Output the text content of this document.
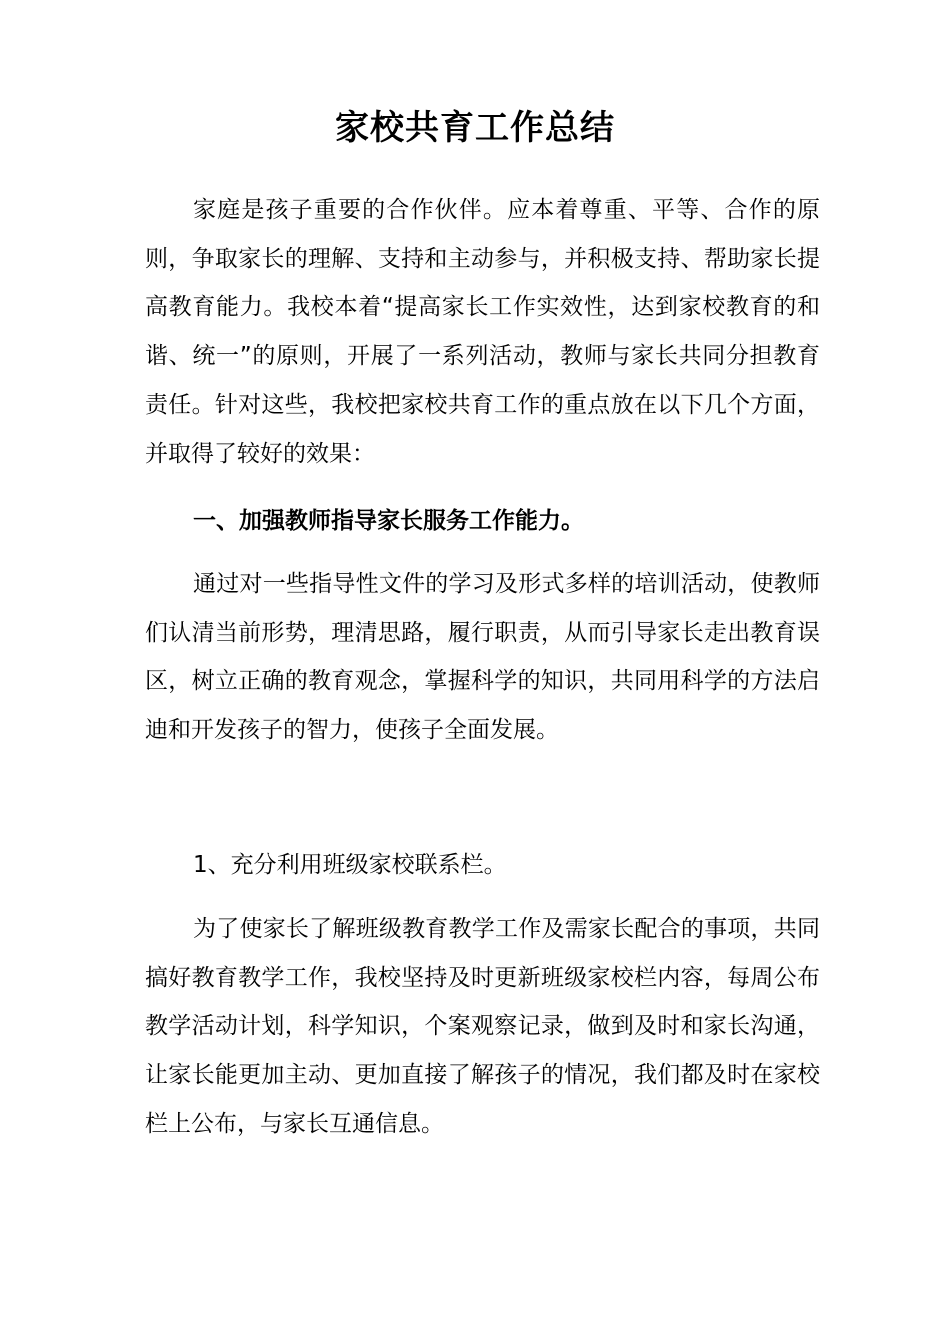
家校共育工作总结

家庭是孩子重要的合作伙伴。应本着尊重、平等、合作的原则，争取家长的理解、支持和主动参与，并积极支持、帮助家长提高教育能力。我校本着“提高家长工作实效性，达到家校教育的和谐、统一”的原则，开展了一系列活动，教师与家长共同分担教育责任。针对这些，我校把家校共育工作的重点放在以下几个方面，并取得了较好的效果：

一、加强教师指导家长服务工作能力。

通过对一些指导性文件的学习及形式多样的培训活动，使教师们认清当前形势，理清思路，履行职责，从而引导家长走出教育误区，树立正确的教育观念，掌握科学的知识，共同用科学的方法启迪和开发孩子的智力，使孩子全面发展。

1、充分利用班级家校联系栏。

为了使家长了解班级教育教学工作及需家长配合的事项，共同搞好教育教学工作，我校坚持及时更新班级家校栏内容，每周公布教学活动计划，科学知识，个案观察记录，做到及时和家长沟通，让家长能更加主动、更加直接了解孩子的情况，我们都及时在家校栏上公布，与家长互通信息。
